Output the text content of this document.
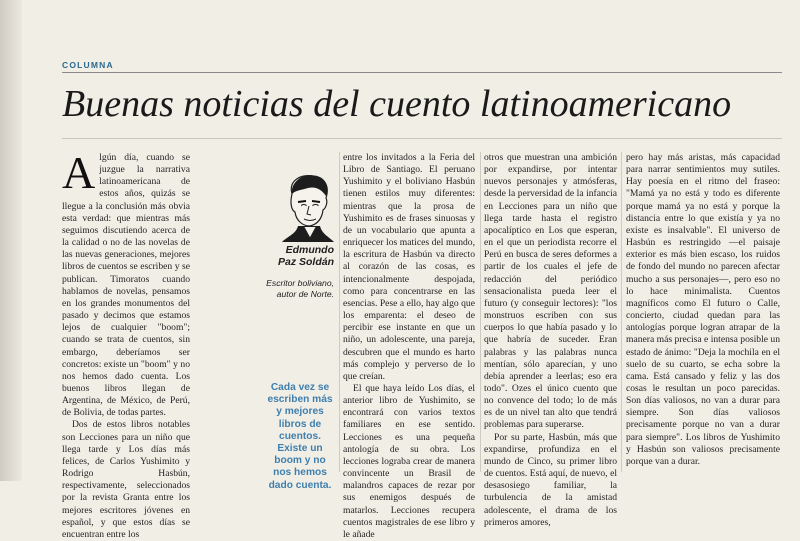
COLUMNA
Buenas noticias del cuento latinoamericano

Algún día, cuando se juzgue la narrativa latinoamericana de estos años, quizás se llegue a la conclusión más obvia esta verdad: que mientras más seguimos discutiendo acerca de la calidad o no de las novelas de las nuevas generaciones, mejores libros de cuentos se escriben y se publican. Timoratos cuando hablamos de novelas, pensamos en los grandes monumentos del pasado y decimos que estamos lejos de cualquier "boom"; cuando se trata de cuentos, sin embargo, deberíamos ser concretos: existe un "boom" y no nos hemos dado cuenta. Los buenos libros llegan de Argentina, de México, de Perú, de Bolivia, de todas partes.

Dos de estos libros notables son Lecciones para un niño que llega tarde y Los días más felices, de Carlos Yushimito y Rodrigo Hasbún, respectivamente, seleccionados por la revista Granta entre los mejores escritores jóvenes en español, y que estos días se encuentran entre los

Edmundo
Paz Soldán
Escritor boliviano,
autor de Norte.
Cada vez se escriben más y mejores libros de cuentos. Existe un boom y no nos hemos dado cuenta.

entre los invitados a la Feria del Libro de Santiago. El peruano Yushimito y el boliviano Hasbún tienen estilos muy diferentes: mientras que la prosa de Yushimito es de frases sinuosas y de un vocabulario que apunta a enriquecer los matices del mundo, la escritura de Hasbún va directo al corazón de las cosas, es intencionalmente despojada, como para concentrarse en las esencias. Pese a ello, hay algo que los emparenta: el deseo de percibir ese instante en que un niño, un adolescente, una pareja, descubren que el mundo es harto más complejo y perverso de lo que creían.

El que haya leído Los días, el anterior libro de Yushimito, se encontrará con varios textos familiares en ese sentido. Lecciones es una pequeña antología de su obra. Los lecciones lograba crear de manera convincente un Brasil de malandros capaces de rezar por sus enemigos después de matarlos. Lecciones recupera cuentos magistrales de ese libro y le añade

otros que muestran una ambición por expandirse, por intentar nuevos personajes y atmósferas, desde la perversidad de la infancia en Lecciones para un niño que llega tarde hasta el registro apocalíptico en Los que esperan, en el que un periodista recorre el Perú en busca de seres deformes a partir de los cuales el jefe de redacción del periódico sensacionalista pueda leer el futuro (y conseguir lectores): "los monstruos escriben con sus cuerpos lo que había pasado y lo que habría de suceder. Eran palabras y las palabras nunca mentían, sólo aparecían, y uno debía aprender a leerlas; eso era todo". Ozes el único cuento que no convence del todo; lo de más es de un nivel tan alto que tendrá problemas para superarse.

Por su parte, Hasbún, más que expandirse, profundiza en el mundo de Cinco, su primer libro de cuentos. Está aquí, de nuevo, el desasosiego familiar, la turbulencia de la amistad adolescente, el drama de los primeros amores,

pero hay más aristas, más capacidad para narrar sentimientos muy sutiles. Hay poesía en el ritmo del fraseo: "Mamá ya no está y todo es diferente porque mamá ya no está y porque la distancia entre lo que existía y ya no existe es insalvable". El universo de Hasbún es restringido —el paisaje exterior es más bien escaso, los ruidos de fondo del mundo no parecen afectar mucho a sus personajes—, pero eso no lo hace minimalista. Cuentos magníficos como El futuro o Calle, concierto, ciudad quedan para las antologías porque logran atrapar de la manera más precisa e intensa posible un estado de ánimo: "Deja la mochila en el suelo de su cuarto, se echa sobre la cama. Está cansado y feliz y las dos cosas le resultan un poco parecidas. Son días valiosos, no van a durar para siempre. Son días valiosos precisamente porque no van a durar para siempre". Los libros de Yushimito y Hasbún son valiosos precisamente porque van a durar.
